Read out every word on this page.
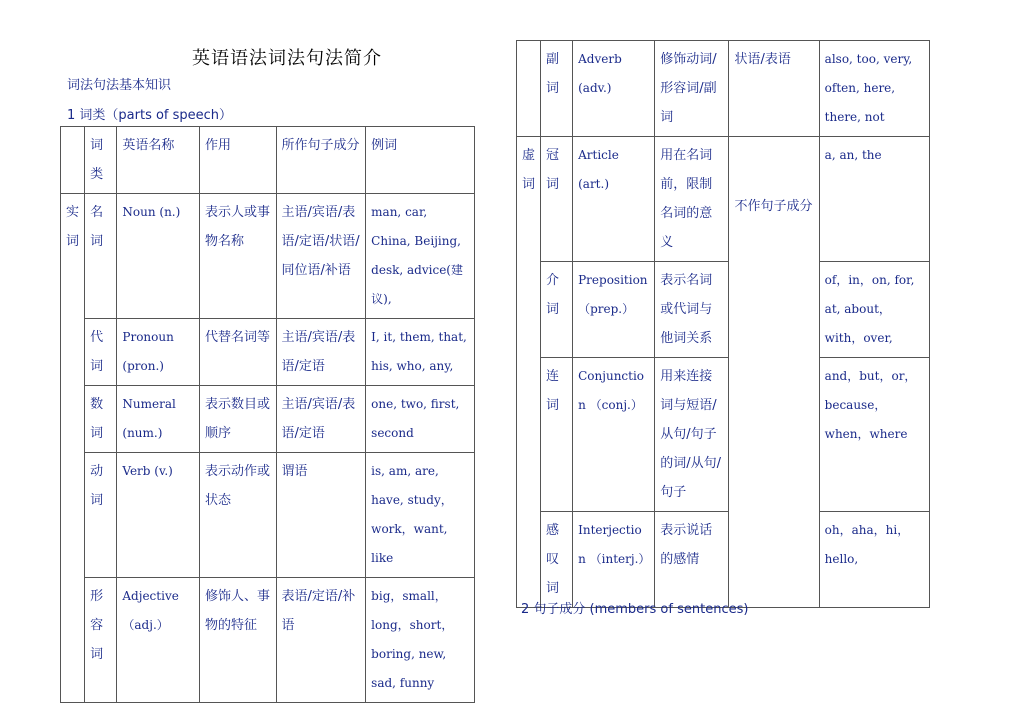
英语语法词法句法简介
词法句法基本知识
1 词类（parts of speech）
	词类	英语名称	作用	所作句子成分	例词
实词	名词	Noun (n.)	表示人或事物名称	主语/宾语/表语/定语/状语/同位语/补语	man, car, China, Beijing, desk, advice(建议),
	代词	Pronoun (pron.)	代替名词等	主语/宾语/表语/定语	I, it, them, that, his, who, any,
	数词	Numeral (num.)	表示数目或顺序	主语/宾语/表语/定语	one, two, first, second
	动词	Verb (v.)	表示动作或状态	谓语	is, am, are, have, study，work，want, like
	形容词	Adjective （adj.）	修饰人、事物的特征	表语/定语/补语	big，small，long，short，boring, new, sad, funny
	副词	Adverb (adv.)	修饰动词/形容词/副词	状语/表语	also, too, very, often, here, there, not
虚词	冠词	Article (art.)	用在名词前，限制名词的意义	不作句子成分	a, an, the
	介词	Preposition （prep.）	表示名词或代词与他词关系		of，in，on, for, at, about，with，over,
	连词	Conjunction （conj.）	用来连接词与短语/从句/句子的词/从句/句子		and，but，or，because，when，where
	感叹词	Interjection （interj.）	表示说话的感情		oh，aha，hi，hello,
2 句子成分 (members of sentences)
